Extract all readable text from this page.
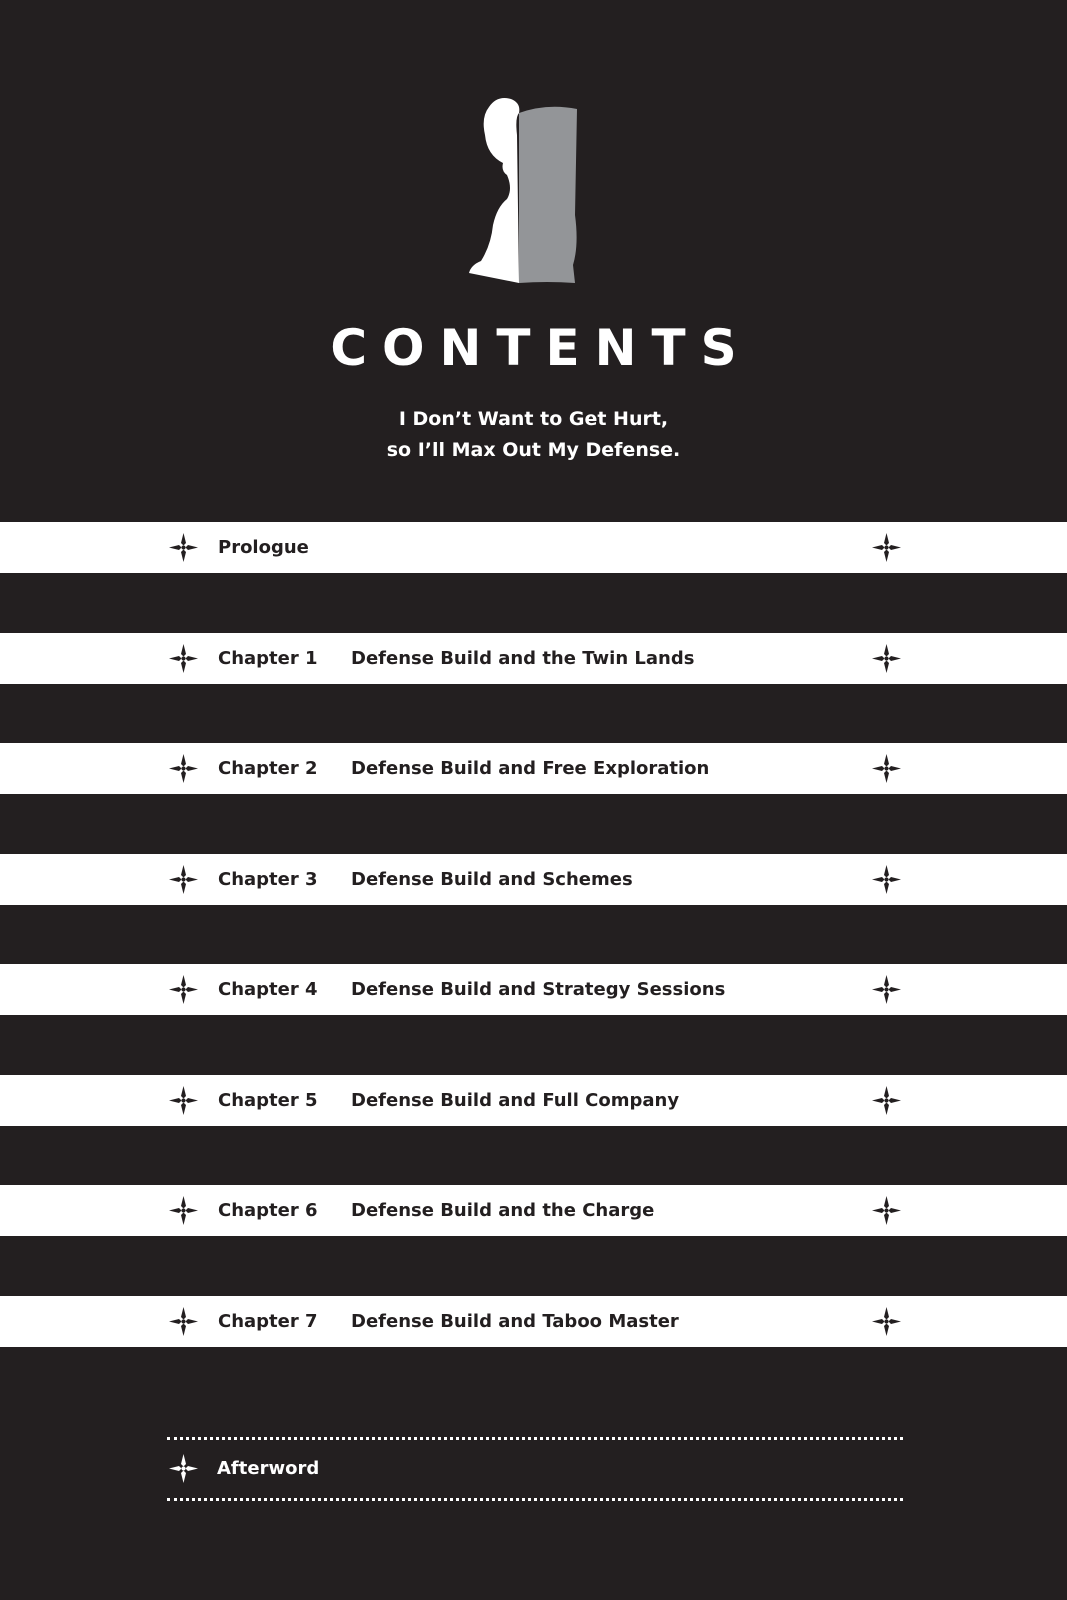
CONTENTS
I Don’t Want to Get Hurt,
so I’ll Max Out My Defense.
Prologue
Chapter 1 Defense Build and the Twin Lands
Chapter 2 Defense Build and Free Exploration
Chapter 3 Defense Build and Schemes
Chapter 4 Defense Build and Strategy Sessions
Chapter 5 Defense Build and Full Company
Chapter 6 Defense Build and the Charge
Chapter 7 Defense Build and Taboo Master
Afterword
